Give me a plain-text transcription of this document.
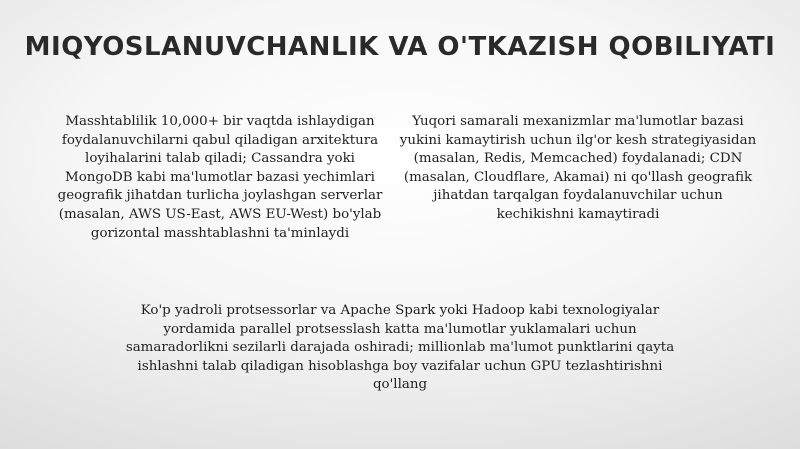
MIQYOSLANUVCHANLIK VA O'TKAZISH QOBILIYATI

Masshtablilik 10,000+ bir vaqtda ishlaydigan foydalanuvchilarni qabul qiladigan arxitektura loyihalarini talab qiladi; Cassandra yoki MongoDB kabi ma'lumotlar bazasi yechimlari geografik jihatdan turlicha joylashgan serverlar (masalan, AWS US-East, AWS EU-West) bo'ylab gorizontal masshtablashni ta'minlaydi

Yuqori samarali mexanizmlar ma'lumotlar bazasi yukini kamaytirish uchun ilg'or kesh strategiyasidan (masalan, Redis, Memcached) foydalanadi; CDN (masalan, Cloudflare, Akamai) ni qo'llash geografik jihatdan tarqalgan foydalanuvchilar uchun kechikishni kamaytiradi

Ko'p yadroli protsessorlar va Apache Spark yoki Hadoop kabi texnologiyalar yordamida parallel protsesslash katta ma'lumotlar yuklamalari uchun samaradorlikni sezilarli darajada oshiradi; millionlab ma'lumot punktlarini qayta ishlashni talab qiladigan hisoblashga boy vazifalar uchun GPU tezlashtirishni qo'llang
